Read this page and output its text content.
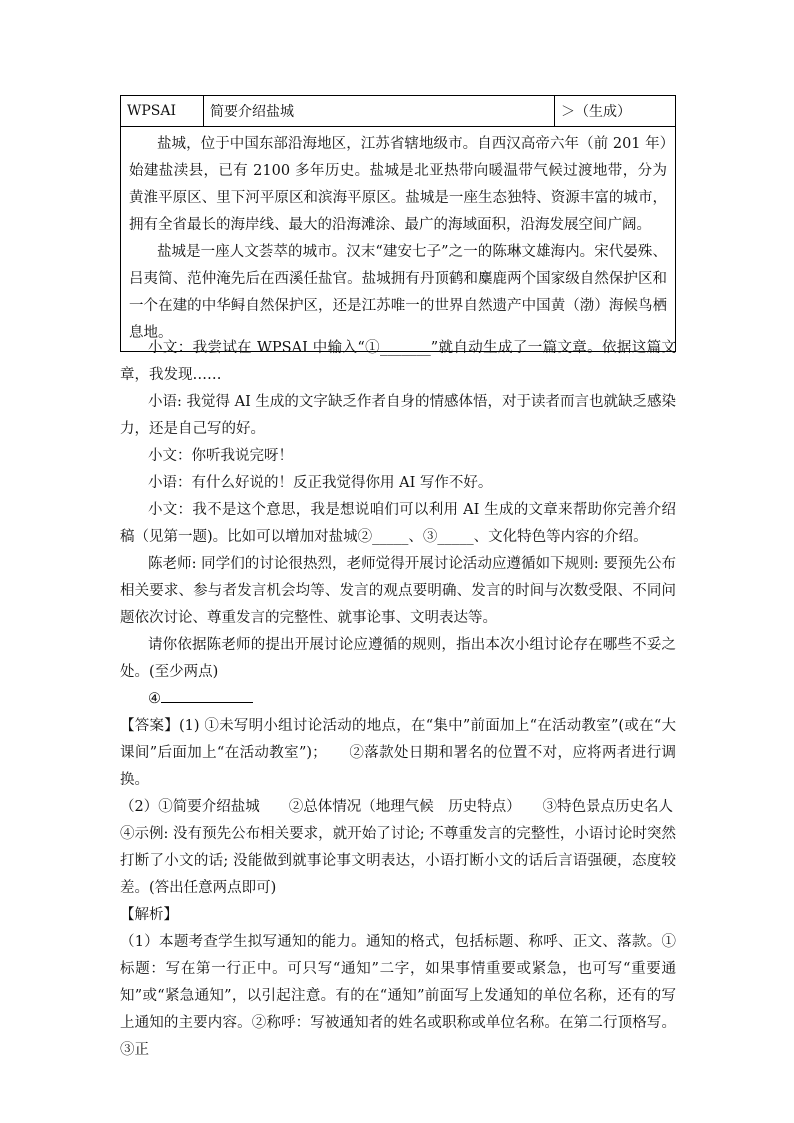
WPSAI	简要介绍盐城	＞（生成）

盐城，位于中国东部沿海地区，江苏省辖地级市。自西汉高帝六年（前 201 年）始建盐渎县，已有 2100 多年历史。盐城是北亚热带向暖温带气候过渡地带，分为黄淮平原区、里下河平原区和滨海平原区。盐城是一座生态独特、资源丰富的城市，拥有全省最长的海岸线、最大的沿海滩涂、最广的海域面积，沿海发展空间广阔。

盐城是一座人文荟萃的城市。汉末“建安七子”之一的陈琳文雄海内。宋代晏殊、吕夷简、范仲淹先后在西溪任盐官。盐城拥有丹顶鹤和麋鹿两个国家级自然保护区和一个在建的中华鲟自然保护区，还是江苏唯一的世界自然遗产中国黄（渤）海候鸟栖息地。

小文：我尝试在 WPSAI 中输入“①_______”就自动生成了一篇文章。依据这篇文章，我发现……

小语: 我觉得 AI 生成的文字缺乏作者自身的情感体悟，对于读者而言也就缺乏感染力，还是自己写的好。

小文：你听我说完呀！

小语：有什么好说的！反正我觉得你用 AI 写作不好。

小文：我不是这个意思，我是想说咱们可以利用 AI 生成的文章来帮助你完善介绍稿（见第一题)。比如可以增加对盐城②_____、③_____、文化特色等内容的介绍。

陈老师: 同学们的讨论很热烈，老师觉得开展讨论活动应遵循如下规则: 要预先公布相关要求、参与者发言机会均等、发言的观点要明确、发言的时间与次数受限、不同问题依次讨论、尊重发言的完整性、就事论事、文明表达等。

请你依据陈老师的提出开展讨论应遵循的规则，指出本次小组讨论存在哪些不妥之处。(至少两点)

④

【答案】(1) ①未写明小组讨论活动的地点，在“集中”前面加上“在活动教室”(或在“大课间”后面加上“在活动教室”)；　　②落款处日期和署名的位置不对，应将两者进行调换。

（2）①简要介绍盐城　　②总体情况（地理气候　历史特点）　　③特色景点历史名人

④示例: 没有预先公布相关要求，就开始了讨论; 不尊重发言的完整性，小语讨论时突然打断了小文的话; 没能做到就事论事文明表达，小语打断小文的话后言语强硬，态度较差。(答出任意两点即可)

【解析】

（1）本题考查学生拟写通知的能力。通知的格式，包括标题、称呼、正文、落款。①标题：写在第一行正中。可只写“通知”二字，如果事情重要或紧急，也可写“重要通知”或“紧急通知”，以引起注意。有的在“通知”前面写上发通知的单位名称，还有的写上通知的主要内容。②称呼：写被通知者的姓名或职称或单位名称。在第二行顶格写。③正
